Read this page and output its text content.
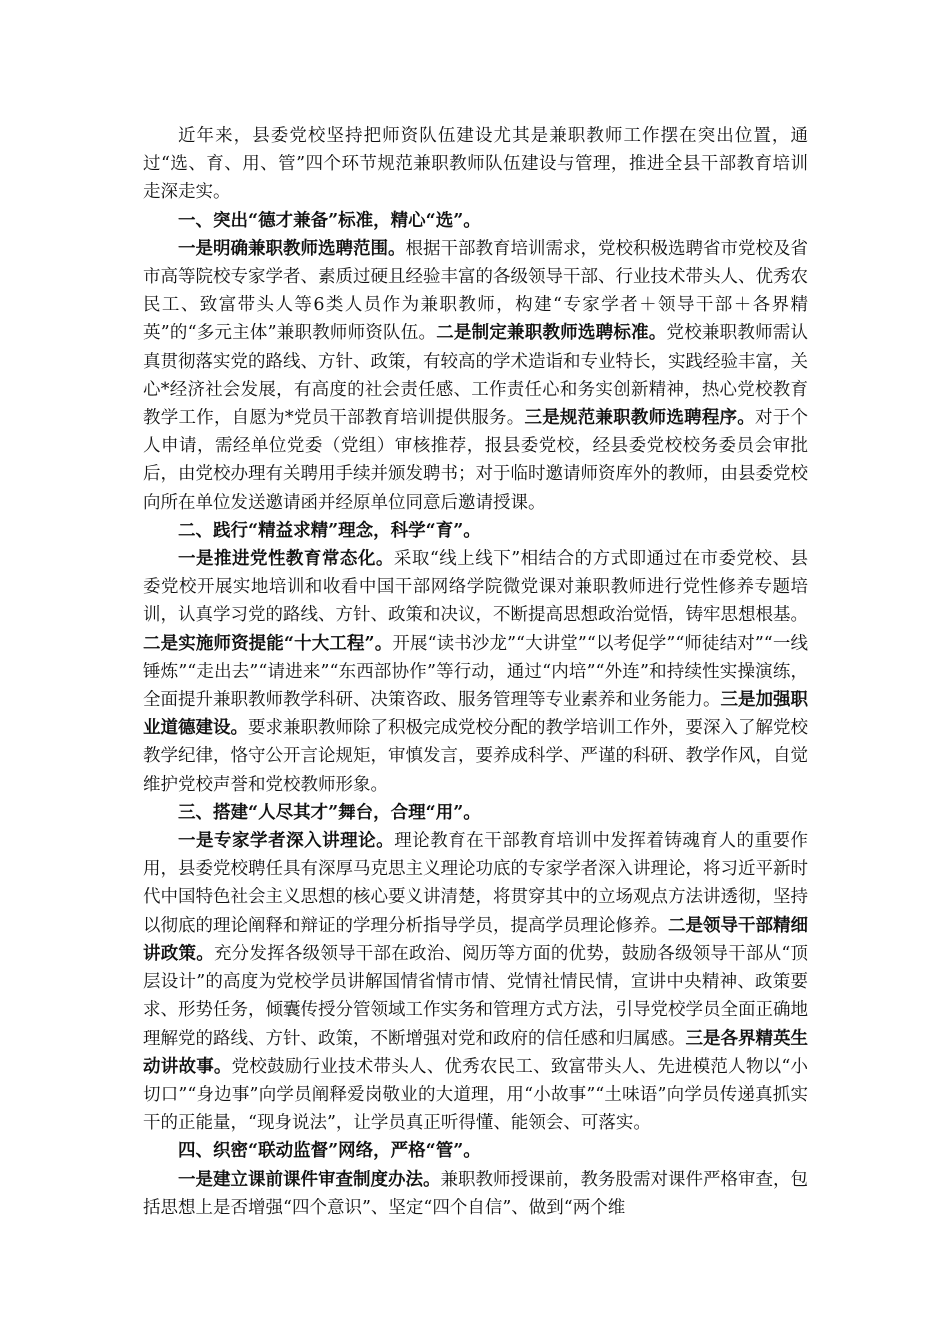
近年来，县委党校坚持把师资队伍建设尤其是兼职教师工作摆在突出位置，通过“选、育、用、管”四个环节规范兼职教师队伍建设与管理，推进全县干部教育培训走深走实。

一、突出“德才兼备”标准，精心“选”。

一是明确兼职教师选聘范围。根据干部教育培训需求，党校积极选聘省市党校及省市高等院校专家学者、素质过硬且经验丰富的各级领导干部、行业技术带头人、优秀农民工、致富带头人等6类人员作为兼职教师，构建“专家学者＋领导干部＋各界精英”的“多元主体”兼职教师师资队伍。二是制定兼职教师选聘标准。党校兼职教师需认真贯彻落实党的路线、方针、政策，有较高的学术造诣和专业特长，实践经验丰富，关心*经济社会发展，有高度的社会责任感、工作责任心和务实创新精神，热心党校教育教学工作，自愿为*党员干部教育培训提供服务。三是规范兼职教师选聘程序。对于个人申请，需经单位党委（党组）审核推荐，报县委党校，经县委党校校务委员会审批后，由党校办理有关聘用手续并颁发聘书；对于临时邀请师资库外的教师，由县委党校向所在单位发送邀请函并经原单位同意后邀请授课。

二、践行“精益求精”理念，科学“育”。

一是推进党性教育常态化。采取“线上线下”相结合的方式即通过在市委党校、县委党校开展实地培训和收看中国干部网络学院微党课对兼职教师进行党性修养专题培训，认真学习党的路线、方针、政策和决议，不断提高思想政治觉悟，铸牢思想根基。二是实施师资提能“十大工程”。开展“读书沙龙”“大讲堂”“以考促学”“师徒结对”“一线锤炼”“走出去”“请进来”“东西部协作”等行动，通过“内培”“外连”和持续性实操演练，全面提升兼职教师教学科研、决策咨政、服务管理等专业素养和业务能力。三是加强职业道德建设。要求兼职教师除了积极完成党校分配的教学培训工作外，要深入了解党校教学纪律，恪守公开言论规矩，审慎发言，要养成科学、严谨的科研、教学作风，自觉维护党校声誉和党校教师形象。

三、搭建“人尽其才”舞台，合理“用”。

一是专家学者深入讲理论。理论教育在干部教育培训中发挥着铸魂育人的重要作用，县委党校聘任具有深厚马克思主义理论功底的专家学者深入讲理论，将习近平新时代中国特色社会主义思想的核心要义讲清楚，将贯穿其中的立场观点方法讲透彻，坚持以彻底的理论阐释和辩证的学理分析指导学员，提高学员理论修养。二是领导干部精细讲政策。充分发挥各级领导干部在政治、阅历等方面的优势，鼓励各级领导干部从“顶层设计”的高度为党校学员讲解国情省情市情、党情社情民情，宣讲中央精神、政策要求、形势任务，倾囊传授分管领域工作实务和管理方式方法，引导党校学员全面正确地理解党的路线、方针、政策，不断增强对党和政府的信任感和归属感。三是各界精英生动讲故事。党校鼓励行业技术带头人、优秀农民工、致富带头人、先进模范人物以“小切口”“身边事”向学员阐释爱岗敬业的大道理，用“小故事”“土味语”向学员传递真抓实干的正能量，“现身说法”，让学员真正听得懂、能领会、可落实。

四、织密“联动监督”网络，严格“管”。

一是建立课前课件审查制度办法。兼职教师授课前，教务股需对课件严格审查，包括思想上是否增强“四个意识”、坚定“四个自信”、做到“两个维
